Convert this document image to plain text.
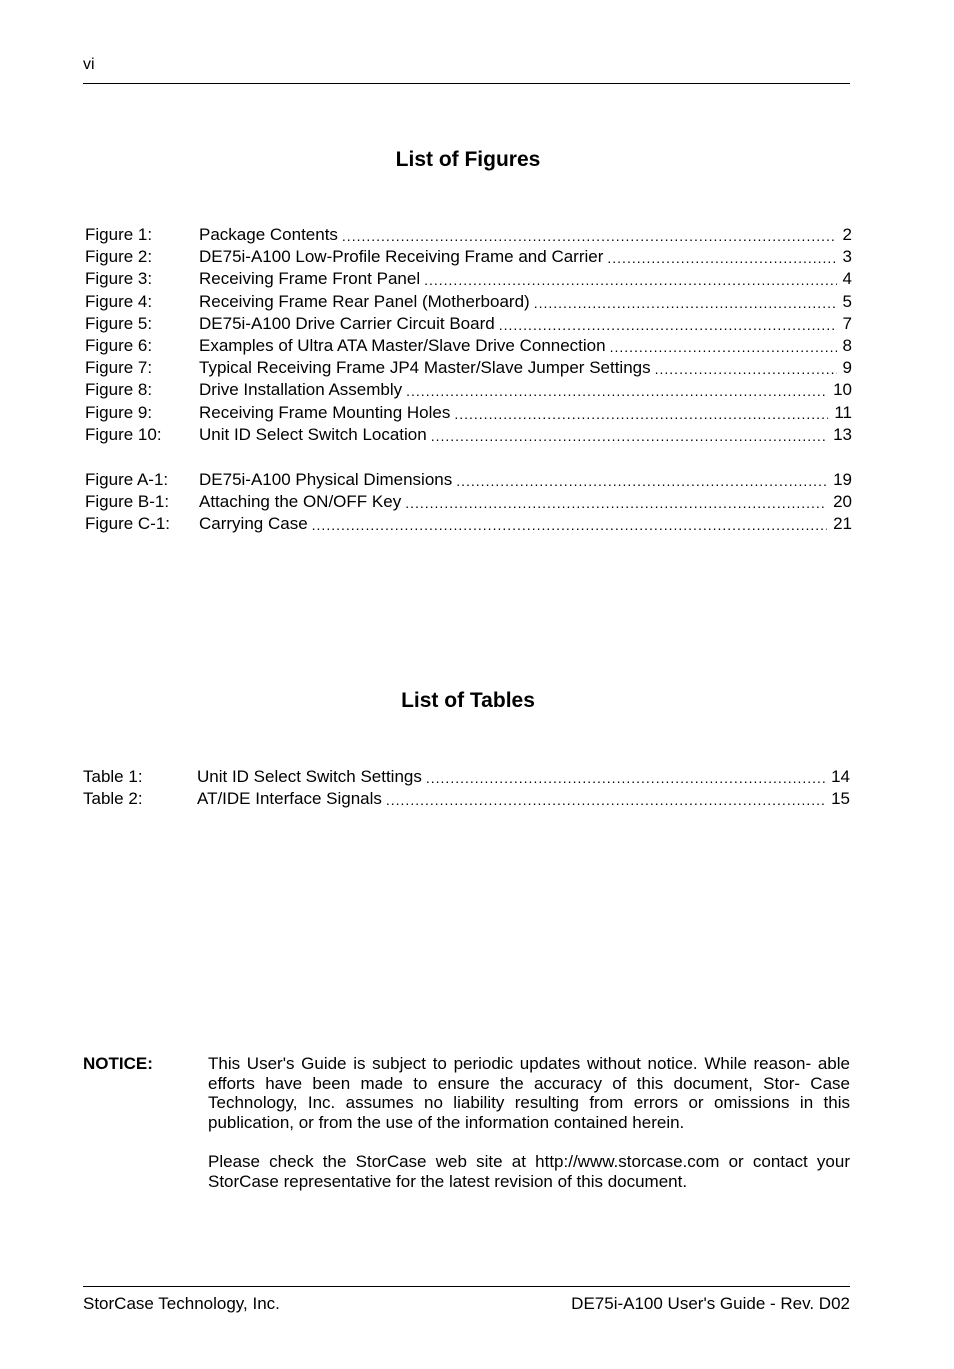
vi
List of Figures
Figure 1:	Package Contents .....	2
Figure 2:	DE75i-A100 Low-Profile Receiving Frame and Carrier .....	3
Figure 3:	Receiving Frame Front Panel .....	4
Figure 4:	Receiving Frame Rear Panel (Motherboard) .....	5
Figure 5:	DE75i-A100 Drive Carrier Circuit Board .....	7
Figure 6:	Examples of Ultra ATA Master/Slave Drive Connection .....	8
Figure 7:	Typical Receiving Frame JP4 Master/Slave Jumper Settings .....	9
Figure 8:	Drive Installation Assembly .....	10
Figure 9:	Receiving Frame Mounting Holes .....	11
Figure 10:	Unit ID Select Switch Location .....	13
Figure A-1:	DE75i-A100 Physical Dimensions .....	19
Figure B-1:	Attaching the ON/OFF Key .....	20
Figure C-1:	Carrying Case .....	21
List of Tables
Table 1:	Unit ID Select Switch Settings .....	14
Table 2:	AT/IDE Interface Signals .....	15
NOTICE:	This User's Guide is subject to periodic updates without notice. While reason- able efforts have been made to ensure the accuracy of this document, Stor- Case Technology, Inc. assumes no liability resulting from errors or omissions in this publication, or from the use of the information contained herein.
Please check the StorCase web site at http://www.storcase.com or contact your StorCase representative for the latest revision of this document.
StorCase Technology, Inc.	DE75i-A100 User's Guide - Rev. D02
